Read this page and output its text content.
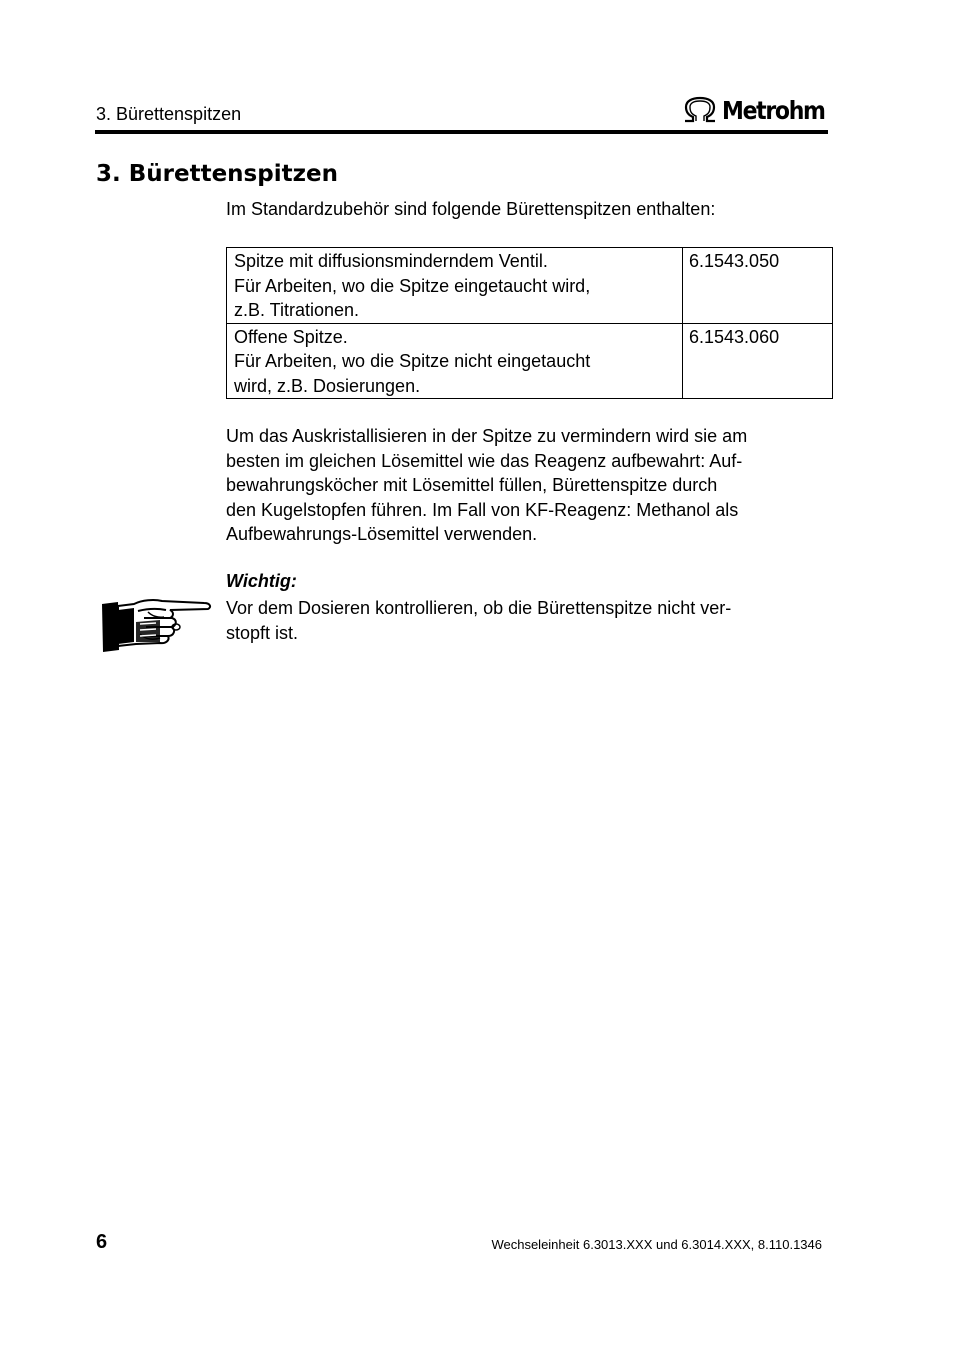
3. Bürettenspitzen	Metrohm
3. Bürettenspitzen

Im Standardzubehör sind folgende Bürettenspitzen enthalten:

Spitze mit diffusionsminderndem Ventil.
Für Arbeiten, wo die Spitze eingetaucht wird,
z.B. Titrationen.	6.1543.050

Offene Spitze.
Für Arbeiten, wo die Spitze nicht eingetaucht
wird, z.B. Dosierungen.	6.1543.060
Um das Auskristallisieren in der Spitze zu vermindern wird sie am
besten im gleichen Lösemittel wie das Reagenz aufbewahrt: Auf-
bewahrungsköcher mit Lösemittel füllen, Bürettenspitze durch
den Kugelstopfen führen. Im Fall von KF-Reagenz: Methanol als
Aufbewahrungs-Lösemittel verwenden.

Wichtig:

Vor dem Dosieren kontrollieren, ob die Bürettenspitze nicht ver-
stopft ist.
6	Wechseleinheit 6.3013.XXX und 6.3014.XXX, 8.110.1346
